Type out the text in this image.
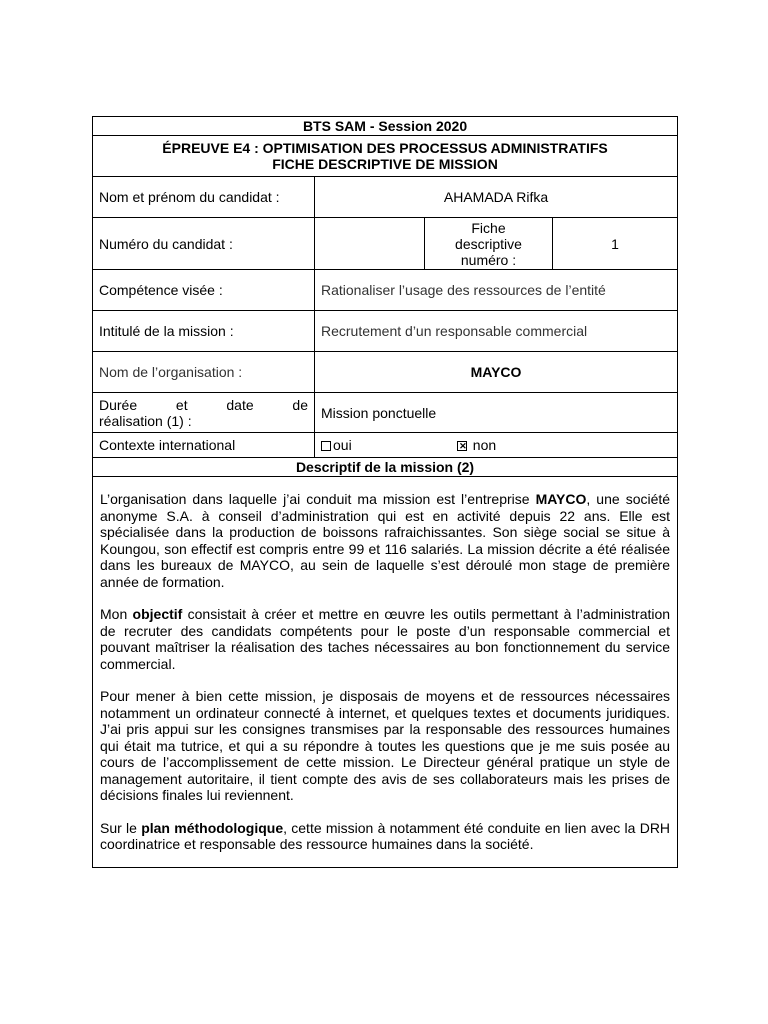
BTS SAM - Session 2020			

ÉPREUVE E4 : OPTIMISATION DES PROCESSUS ADMINISTRATIFS
FICHE DESCRIPTIVE DE MISSION			

Nom et prénom du candidat :	AHAMADA Rifka		
Numéro du candidat :		Fiche descriptive numéro :	1
Compétence visée :	Rationaliser l’usage des ressources de l’entité		
Intitulé de la mission :	Recrutement d’un responsable commercial		
Nom de l’organisation :	MAYCO		

Durée et date de
réalisation (1) :	Mission ponctuelle		
Contexte international	oui ✕ non
Descriptif de la mission (2)			

L’organisation dans laquelle j’ai conduit ma mission est l’entreprise MAYCO, une société anonyme S.A. à conseil d’administration qui est en activité depuis 22 ans. Elle est spécialisée dans la production de boissons rafraichissantes. Son siège social se situe à Koungou, son effectif est compris entre 99 et 116 salariés. La mission décrite a été réalisée dans les bureaux de MAYCO, au sein de laquelle s’est déroulé mon stage de première année de formation.

Mon objectif consistait à créer et mettre en œuvre les outils permettant à l’administration de recruter des candidats compétents pour le poste d’un responsable commercial et pouvant maîtriser la réalisation des taches nécessaires au bon fonctionnement du service commercial.

Pour mener à bien cette mission, je disposais de moyens et de ressources nécessaires notamment un ordinateur connecté à internet, et quelques textes et documents juridiques. J’ai pris appui sur les consignes transmises par la responsable des ressources humaines qui était ma tutrice, et qui a su répondre à toutes les questions que je me suis posée au cours de l’accomplissement de cette mission. Le Directeur général pratique un style de management autoritaire, il tient compte des avis de ses collaborateurs mais les prises de décisions finales lui reviennent.

Sur le plan méthodologique, cette mission à notamment été conduite en lien avec la DRH coordinatrice et responsable des ressource humaines dans la société.			
